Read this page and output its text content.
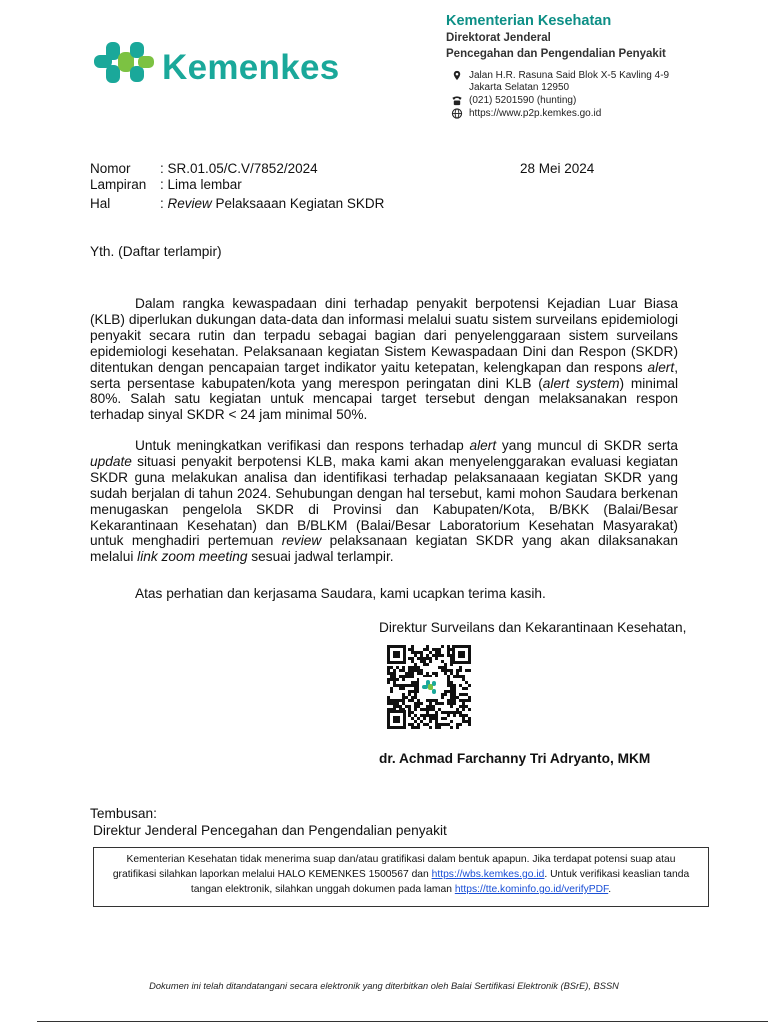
Kemenkes
Kementerian Kesehatan
Direktorat Jenderal
Pencegahan dan Pengendalian Penyakit
Jalan H.R. Rasuna Said Blok X-5 Kavling 4-9
Jakarta Selatan 12950
(021) 5201590 (hunting)
https://www.p2p.kemkes.go.id
Nomor : SR.01.05/C.V/7852/2024	28 Mei 2024
Lampiran : Lima lembar
Hal	: Review Pelaksaaan Kegiatan SKDR
Yth. (Daftar terlampir)
Dalam rangka kewaspadaan dini terhadap penyakit berpotensi Kejadian Luar Biasa (KLB) diperlukan dukungan data-data dan informasi melalui suatu sistem surveilans epidemiologi penyakit secara rutin dan terpadu sebagai bagian dari penyelenggaraan sistem surveilans epidemiologi kesehatan. Pelaksanaan kegiatan Sistem Kewaspadaan Dini dan Respon (SKDR) ditentukan dengan pencapaian target indikator yaitu ketepatan, kelengkapan dan respons alert, serta persentase kabupaten/kota yang merespon peringatan dini KLB (alert system) minimal 80%. Salah satu kegiatan untuk mencapai target tersebut dengan melaksanakan respon terhadap sinyal SKDR < 24 jam minimal 50%.
Untuk meningkatkan verifikasi dan respons terhadap alert yang muncul di SKDR serta update situasi penyakit berpotensi KLB, maka kami akan menyelenggarakan evaluasi kegiatan SKDR guna melakukan analisa dan identifikasi terhadap pelaksanaaan kegiatan SKDR yang sudah berjalan di tahun 2024. Sehubungan dengan hal tersebut, kami mohon Saudara berkenan menugaskan pengelola SKDR di Provinsi dan Kabupaten/Kota, B/BKK (Balai/Besar Kekarantinaan Kesehatan) dan B/BLKM (Balai/Besar Laboratorium Kesehatan Masyarakat) untuk menghadiri pertemuan review pelaksanaan kegiatan SKDR yang akan dilaksanakan melalui link zoom meeting sesuai jadwal terlampir.
Atas perhatian dan kerjasama Saudara, kami ucapkan terima kasih.
Direktur Surveilans dan Kekarantinaan Kesehatan,
dr. Achmad Farchanny Tri Adryanto, MKM
Tembusan:
Direktur Jenderal Pencegahan dan Pengendalian penyakit
Kementerian Kesehatan tidak menerima suap dan/atau gratifikasi dalam bentuk apapun. Jika terdapat potensi suap atau gratifikasi silahkan laporkan melalui HALO KEMENKES 1500567 dan https://wbs.kemkes.go.id. Untuk verifikasi keaslian tanda tangan elektronik, silahkan unggah dokumen pada laman https://tte.kominfo.go.id/verifyPDF.
Dokumen ini telah ditandatangani secara elektronik yang diterbitkan oleh Balai Sertifikasi Elektronik (BSrE), BSSN
